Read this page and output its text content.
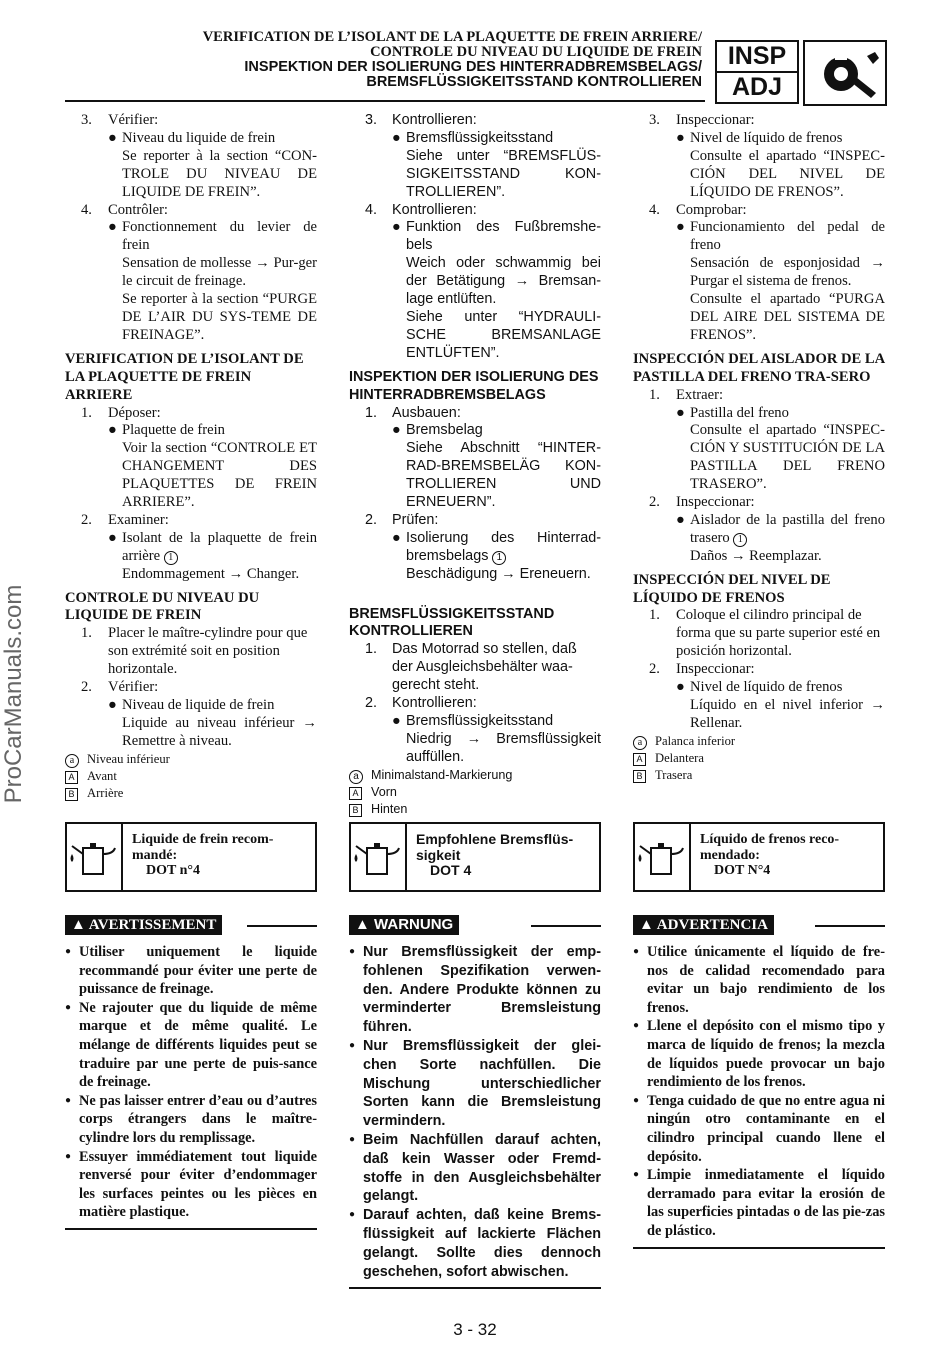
VERIFICATION DE L’ISOLANT DE LA PLAQUETTE DE FREIN ARRIERE/
CONTROLE DU NIVEAU DU LIQUIDE DE FREIN
INSPEKTION DER ISOLIERUNG DES HINTERRADBREMSBELAGS/
BREMSFLÜSSIGKEITSSTAND KONTROLLIEREN
INSP
ADJ
ProCarManuals.com
3. Vérifier:
● Niveau du liquide de frein
Se reporter à la section “CON-TROLE DU NIVEAU DE LIQUIDE DE FREIN”.
4. Contrôler:
● Fonctionnement du levier de frein
Sensation de mollesse → Pur-ger le circuit de freinage.
Se reporter à la section “PURGE DE L’AIR DU SYS-TEME DE FREINAGE”.
VERIFICATION DE L’ISOLANT DE LA PLAQUETTE DE FREIN ARRIERE
1. Déposer:
● Plaquette de frein
Voir la section “CONTROLE ET CHANGEMENT DES PLAQUETTES DE FREIN ARRIERE”.
2. Examiner:
● Isolant de la plaquette de frein arrière 1
Endommagement → Changer.
CONTROLE DU NIVEAU DU LIQUIDE DE FREIN
1. Placer le maître-cylindre pour que son extrémité soit en position horizontale.
2. Vérifier:
● Niveau de liquide de frein
Liquide au niveau inférieur → Remettre à niveau.
a	Niveau inférieur
A Avant
B Arrière
3. Kontrollieren:
● Bremsflüssigkeitsstand
Siehe unter “BREMSFLÜS-SIGKEITSSTAND KON-TROLLIEREN”.
4. Kontrollieren:
● Funktion des Fußbremshe-bels
Weich oder schwammig bei der Betätigung → Bremsan-lage entlüften.
Siehe unter “HYDRAULI-SCHE BREMSANLAGE ENTLÜFTEN”.
INSPEKTION DER ISOLIERUNG DES HINTERRADBREMSBELAGS
1. Ausbauen:
● Bremsbelag
Siehe Abschnitt “HINTER-RAD-BREMSBELÄG KON-TROLLIEREN UND ERNEUERN”.
2. Prüfen:
● Isolierung des Hinterrad-bremsbelags 1
Beschädigung → Ereneuern.
BREMSFLÜSSIGKEITSSTAND KONTROLLIEREN
1. Das Motorrad so stellen, daß der Ausgleichsbehälter waa-gerecht steht.
2. Kontrollieren:
● Bremsflüssigkeitsstand
Niedrig → Bremsflüssigkeit auffüllen.
a Minimalstand-Markierung
A Vorn
B Hinten
3. Inspeccionar:
● Nivel de líquido de frenos
Consulte el apartado “INSPEC-CIÓN DEL NIVEL DE LÍQUIDO DE FRENOS”.
4. Comprobar:
● Funcionamiento del pedal de freno
Sensación de esponjosidad → Purgar el sistema de frenos.
Consulte el apartado “PURGA DEL AIRE DEL SISTEMA DE FRENOS”.
INSPECCIÓN DEL AISLADOR DE LA PASTILLA DEL FRENO TRA-SERO
1. Extraer:
● Pastilla del freno
Consulte el apartado “INSPEC-CIÓN Y SUSTITUCIÓN DE LA PASTILLA DEL FRENO TRASERO”.
2. Inspeccionar:
● Aislador de la pastilla del freno trasero 1
Daños → Reemplazar.
INSPECCIÓN DEL NIVEL DE LÍQUIDO DE FRENOS
1. Coloque el cilindro principal de forma que su parte superior esté en posición horizontal.
2. Inspeccionar:
● Nivel de líquido de frenos
Líquido en el nivel inferior → Rellenar.
a	Palanca inferior
A Delantera
B Trasera
Liquide de frein recom-mandé:
DOT n°4
Empfohlene Bremsflüs-sigkeit
DOT 4
Líquido de frenos reco-mendado:
DOT N°4
▲ AVERTISSEMENT
● Utiliser uniquement le liquide recommandé pour éviter une perte de puissance de freinage.
● Ne rajouter que du liquide de même marque et de même qualité. Le mélange de différents liquides peut se traduire par une perte de puis-sance de freinage.
● Ne pas laisser entrer d’eau ou d’autres corps étrangers dans le maître-cylindre lors du remplissage.
● Essuyer immédiatement tout liquide renversé pour éviter d’endommager les surfaces peintes ou les pièces en matière plastique.
▲ WARNUNG
● Nur Bremsflüssigkeit der emp-fohlenen Spezifikation verwen-den. Andere Produkte können zu verminderter Bremsleistung führen.
● Nur Bremsflüssigkeit der glei-chen Sorte nachfüllen. Die Mischung unterschiedlicher Sorten kann die Bremsleistung vermindern.
● Beim Nachfüllen darauf achten, daß kein Wasser oder Fremd-stoffe in den Ausgleichsbehälter gelangt.
● Darauf achten, daß keine Brems-flüssigkeit auf lackierte Flächen gelangt. Sollte dies dennoch geschehen, sofort abwischen.
▲ ADVERTENCIA
● Utilice únicamente el líquido de fre-nos de calidad recomendado para evitar un bajo rendimiento de los frenos.
● Llene el depósito con el mismo tipo y marca de líquido de frenos; la mezcla de líquidos puede provocar un bajo rendimiento de los frenos.
● Tenga cuidado de que no entre agua ni ningún otro contaminante en el cilindro principal cuando llene el depósito.
● Limpie inmediatamente el líquido derramado para evitar la erosión de las superficies pintadas o de las pie-zas de plástico.
3 - 32
